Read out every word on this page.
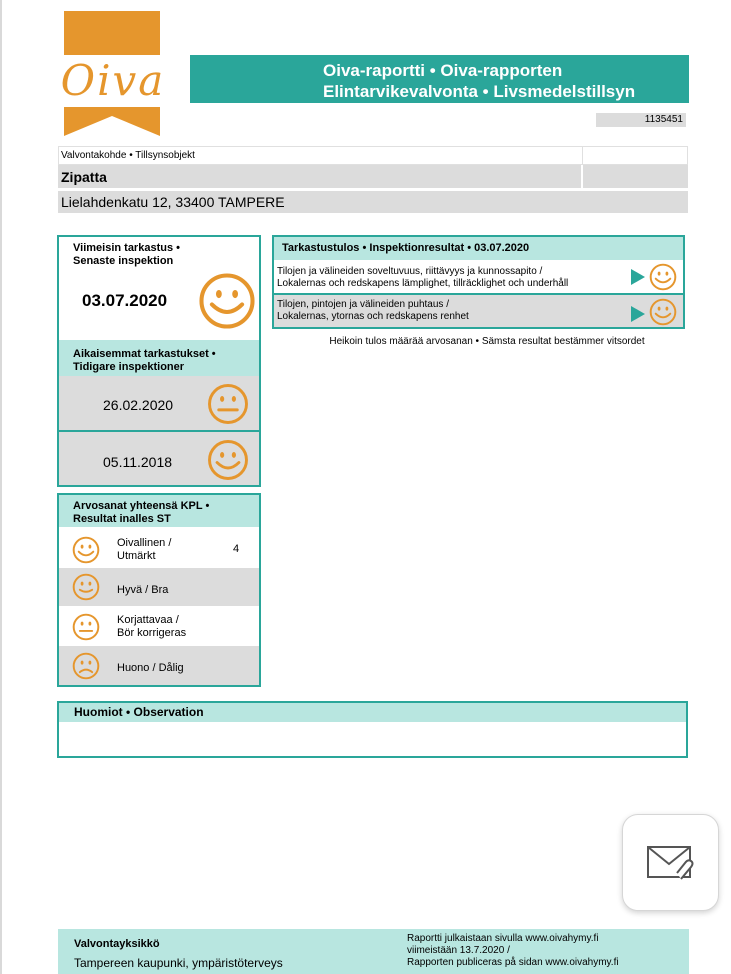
Oiva	Oiva-raportti • Oiva-rapporten
Elintarvikevalvonta • Livsmedelstillsyn
1135451
Valvontakohde • Tillsynsobjekt
Zipatta
Lielahdenkatu 12, 33400 TAMPERE
Viimeisin tarkastus •
Senaste inspektion
03.07.2020
Aikaisemmat tarkastukset •
Tidigare inspektioner
26.02.2020
05.11.2018
Arvosanat yhteensä KPL •
Resultat inalles ST
Oivallinen /
Utmärkt
4
Hyvä / Bra
Korjattavaa /
Bör korrigeras
Huono / Dålig
Tarkastustulos • Inspektionresultat • 03.07.2020
Tilojen ja välineiden soveltuvuus, riittävyys ja kunnossapito /
Lokalernas och redskapens lämplighet, tillräcklighet och underhåll
Tilojen, pintojen ja välineiden puhtaus /
Lokalernas, ytornas och redskapens renhet
Heikoin tulos määrää arvosanan • Sämsta resultat bestämmer vitsordet
Huomiot • Observation
Valvontayksikkö
Tampereen kaupunki, ympäristöterveys
Raportti julkaistaan sivulla www.oivahymy.fi
viimeistään 13.7.2020 /
Rapporten publiceras på sidan www.oivahymy.fi
